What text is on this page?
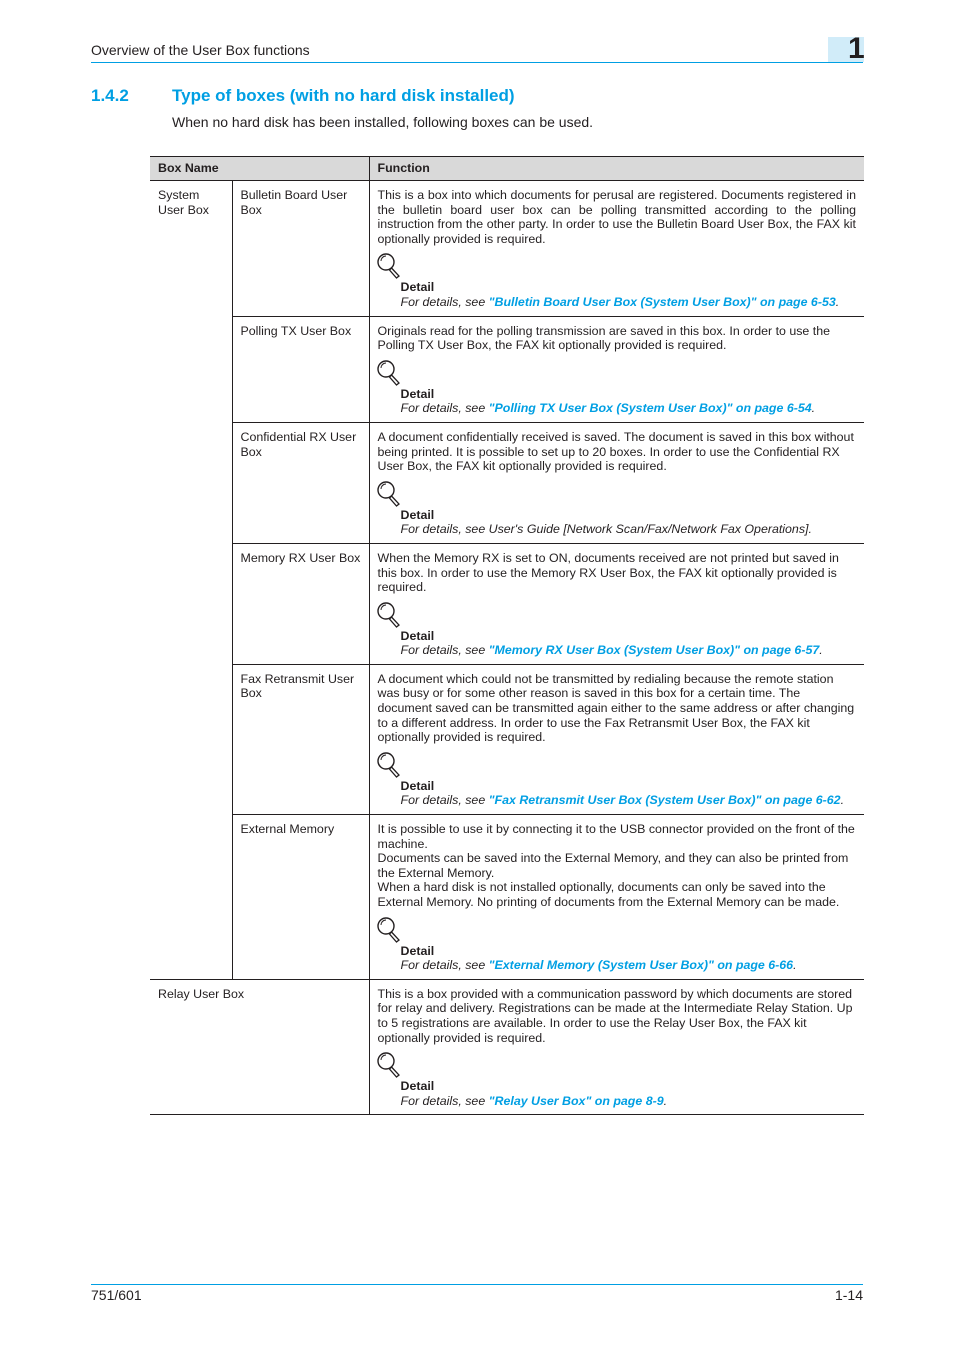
Overview of the User Box functions	1
1.4.2	Type of boxes (with no hard disk installed)
When no hard disk has been installed, following boxes can be used.
Box Name		Function

System User Box	Bulletin Board User Box	This is a box into which documents for perusal are registered. Documents registered in the bulletin board user box can be polling transmitted according to the polling instruction from the other party. In order to use the Bulletin Board User Box, the FAX kit optionally provided is required.
Detail
For details, see "Bulletin Board User Box (System User Box)" on page 6-53.

	Polling TX User Box	Originals read for the polling transmission are saved in this box. In order to use the Polling TX User Box, the FAX kit optionally provided is required.
Detail
For details, see "Polling TX User Box (System User Box)" on page 6-54.

	Confidential RX User Box	A document confidentially received is saved. The document is saved in this box without being printed. It is possible to set up to 20 boxes. In order to use the Confidential RX User Box, the FAX kit optionally provided is required.
Detail
For details, see User's Guide [Network Scan/Fax/Network Fax Operations].

	Memory RX User Box	When the Memory RX is set to ON, documents received are not printed but saved in this box. In order to use the Memory RX User Box, the FAX kit optionally provided is required.
Detail
For details, see "Memory RX User Box (System User Box)" on page 6-57.

	Fax Retransmit User Box	A document which could not be transmitted by redialing because the remote station was busy or for some other reason is saved in this box for a certain time. The document saved can be transmitted again either to the same address or after changing to a different address. In order to use the Fax Retransmit User Box, the FAX kit optionally provided is required.
Detail
For details, see "Fax Retransmit User Box (System User Box)" on page 6-62.

	External Memory	It is possible to use it by connecting it to the USB connector provided on the front of the machine.
Documents can be saved into the External Memory, and they can also be printed from the External Memory.
When a hard disk is not installed optionally, documents can only be saved into the External Memory. No printing of documents from the External Memory can be made.
Detail
For details, see "External Memory (System User Box)" on page 6-66.

Relay User Box		This is a box provided with a communication password by which documents are stored for relay and delivery. Registrations can be made at the Intermediate Relay Station. Up to 5 registrations are available. In order to use the Relay User Box, the FAX kit optionally provided is required.
Detail
For details, see "Relay User Box" on page 8-9.
751/601	1-14
